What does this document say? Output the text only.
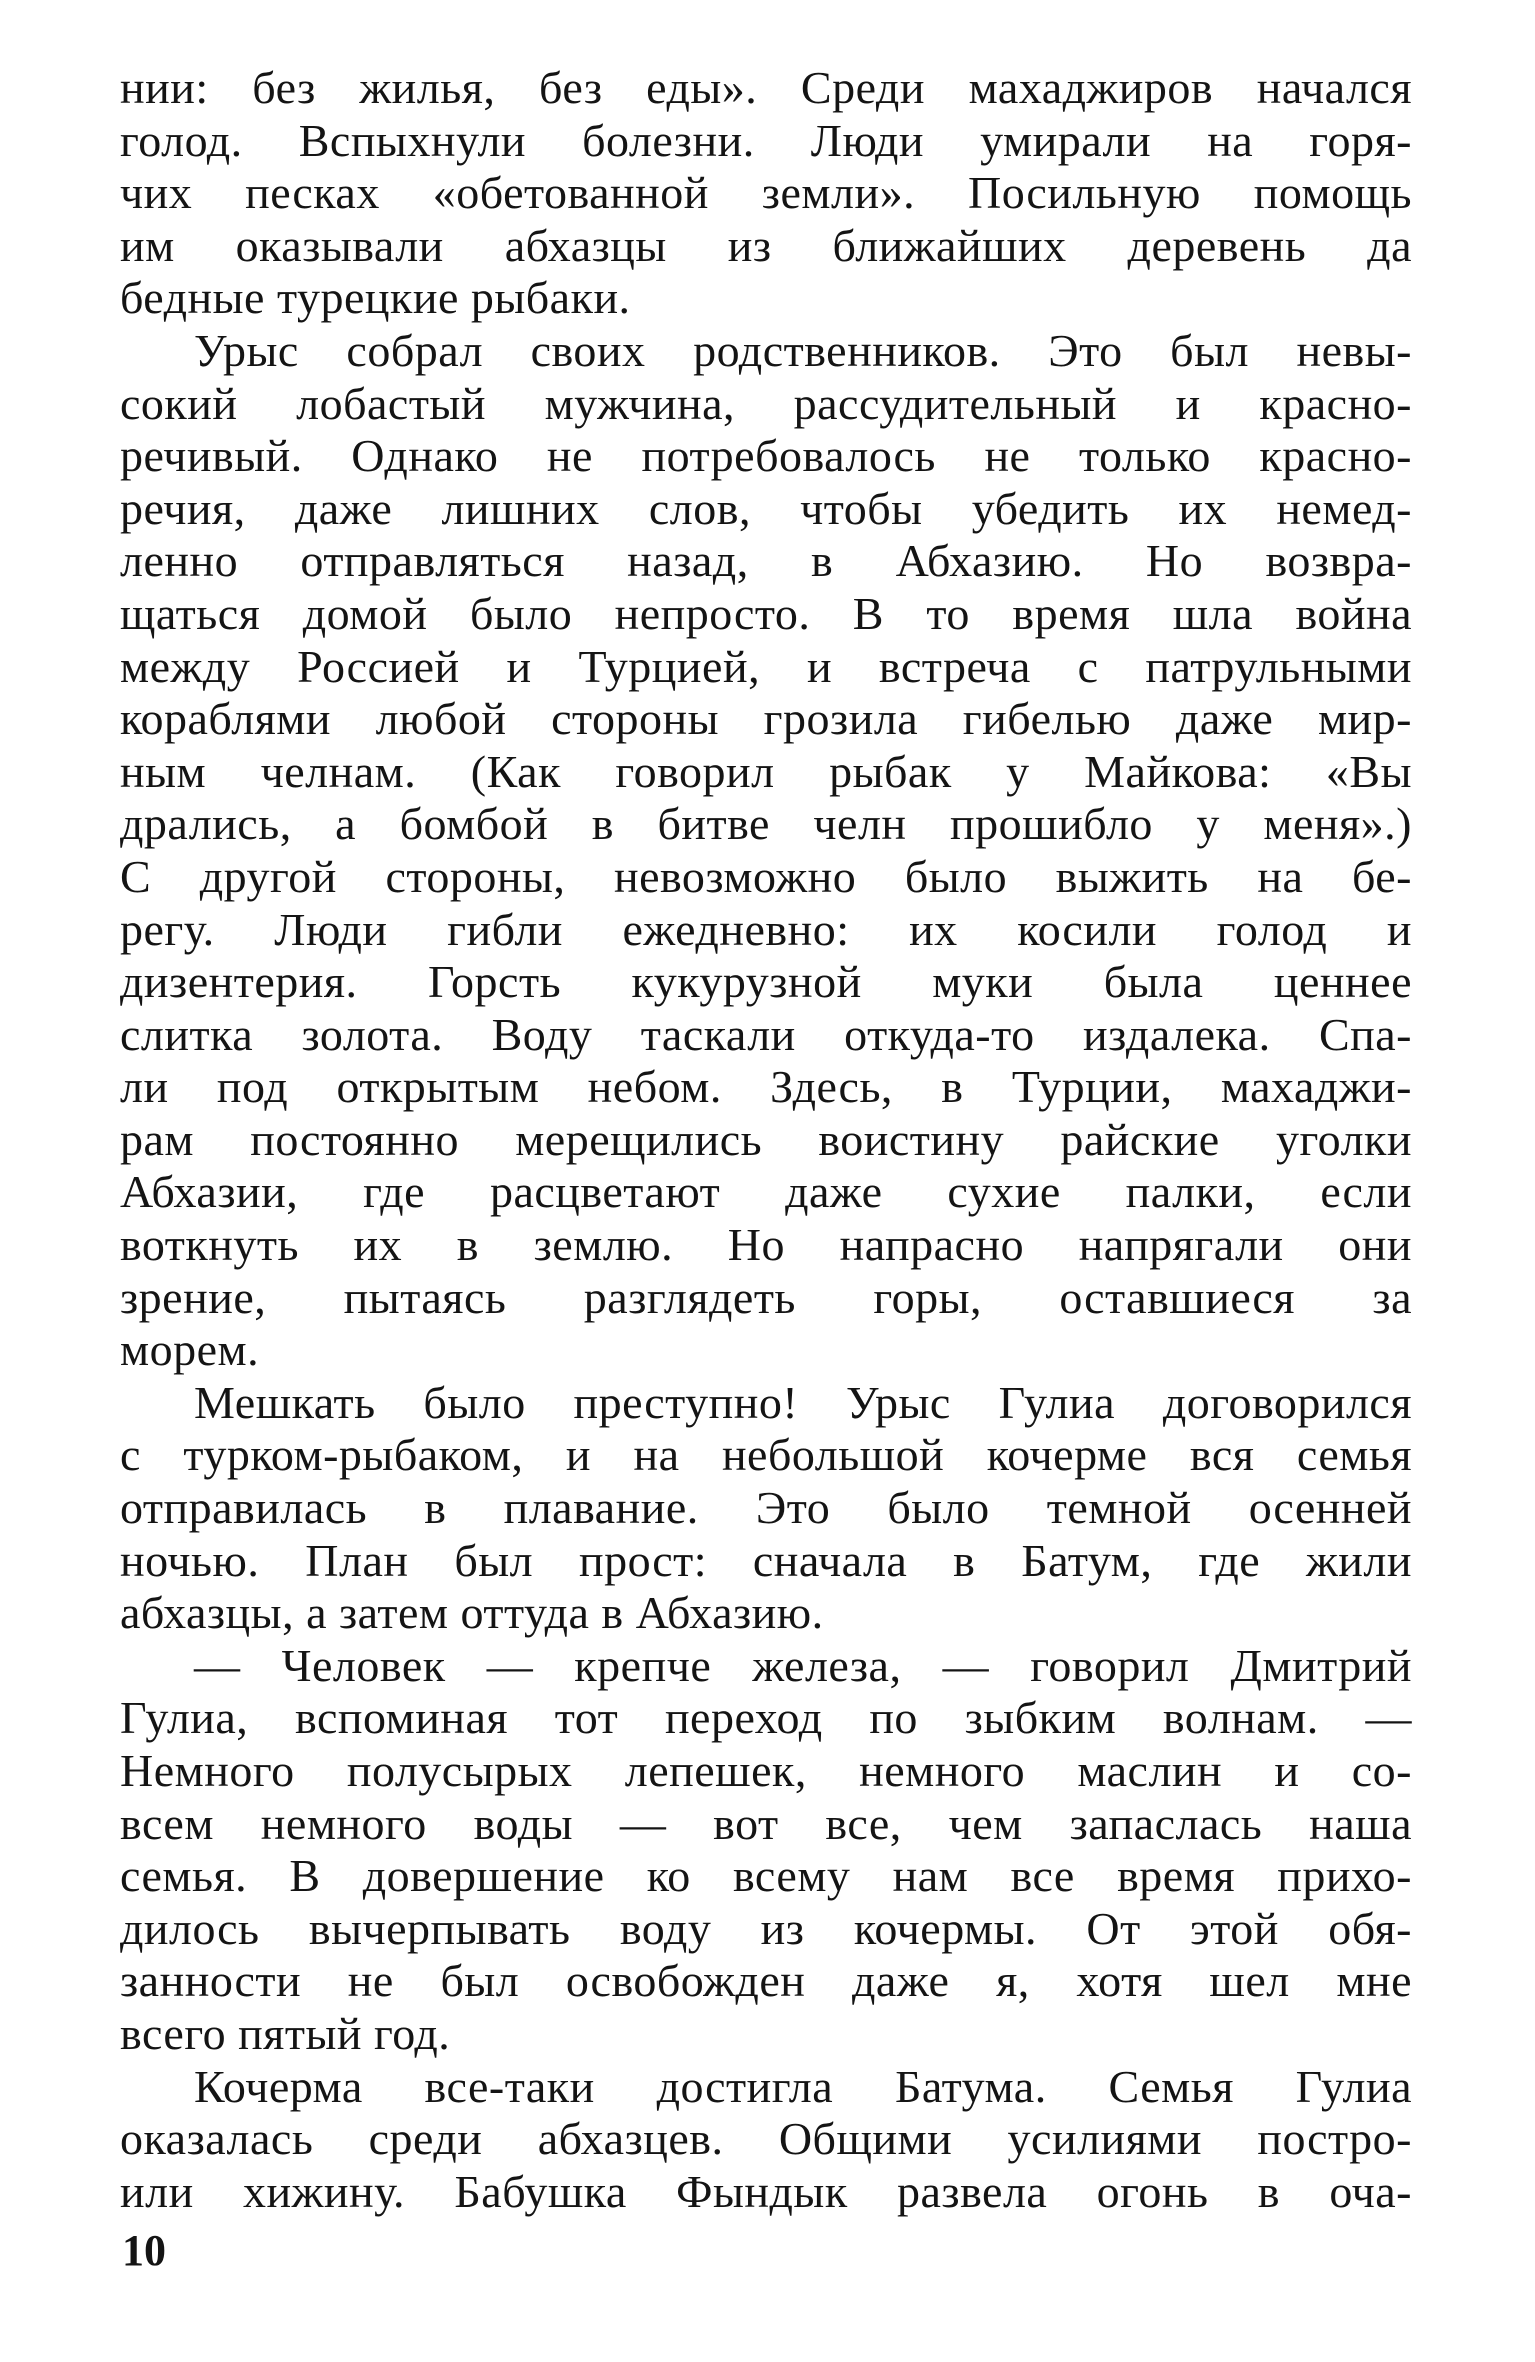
нии: без жилья, без еды». Среди махаджиров начался
голод. Вспыхнули болезни. Люди умирали на горя-
чих песках «обетованной земли». Посильную помощь
им оказывали абхазцы из ближайших деревень да
бедные турецкие рыбаки.
Урыс собрал своих родственников. Это был невы-
сокий лобастый мужчина, рассудительный и красно-
речивый. Однако не потребовалось не только красно-
речия, даже лишних слов, чтобы убедить их немед-
ленно отправляться назад, в Абхазию. Но возвра-
щаться домой было непросто. В то время шла война
между Россией и Турцией, и встреча с патрульными
кораблями любой стороны грозила гибелью даже мир-
ным челнам. (Как говорил рыбак у Майкова: «Вы
дрались, а бомбой в битве челн прошибло у меня».)
С другой стороны, невозможно было выжить на бе-
регу. Люди гибли ежедневно: их косили голод и
дизентерия. Горсть кукурузной муки была ценнее
слитка золота. Воду таскали откуда-то издалека. Спа-
ли под открытым небом. Здесь, в Турции, махаджи-
рам постоянно мерещились воистину райские уголки
Абхазии, где расцветают даже сухие палки, если
воткнуть их в землю. Но напрасно напрягали они
зрение, пытаясь разглядеть горы, оставшиеся за
морем.
Мешкать было преступно! Урыс Гулиа договорился
с турком-рыбаком, и на небольшой кочерме вся семья
отправилась в плавание. Это было темной осенней
ночью. План был прост: сначала в Батум, где жили
абхазцы, а затем оттуда в Абхазию.
— Человек — крепче железа, — говорил Дмитрий
Гулиа, вспоминая тот переход по зыбким волнам. —
Немного полусырых лепешек, немного маслин и со-
всем немного воды — вот все, чем запаслась наша
семья. В довершение ко всему нам все время прихо-
дилось вычерпывать воду из кочермы. От этой обя-
занности не был освобожден даже я, хотя шел мне
всего пятый год.
Кочерма все-таки достигла Батума. Семья Гулиа
оказалась среди абхазцев. Общими усилиями постро-
или хижину. Бабушка Фындык развела огонь в оча-
10
